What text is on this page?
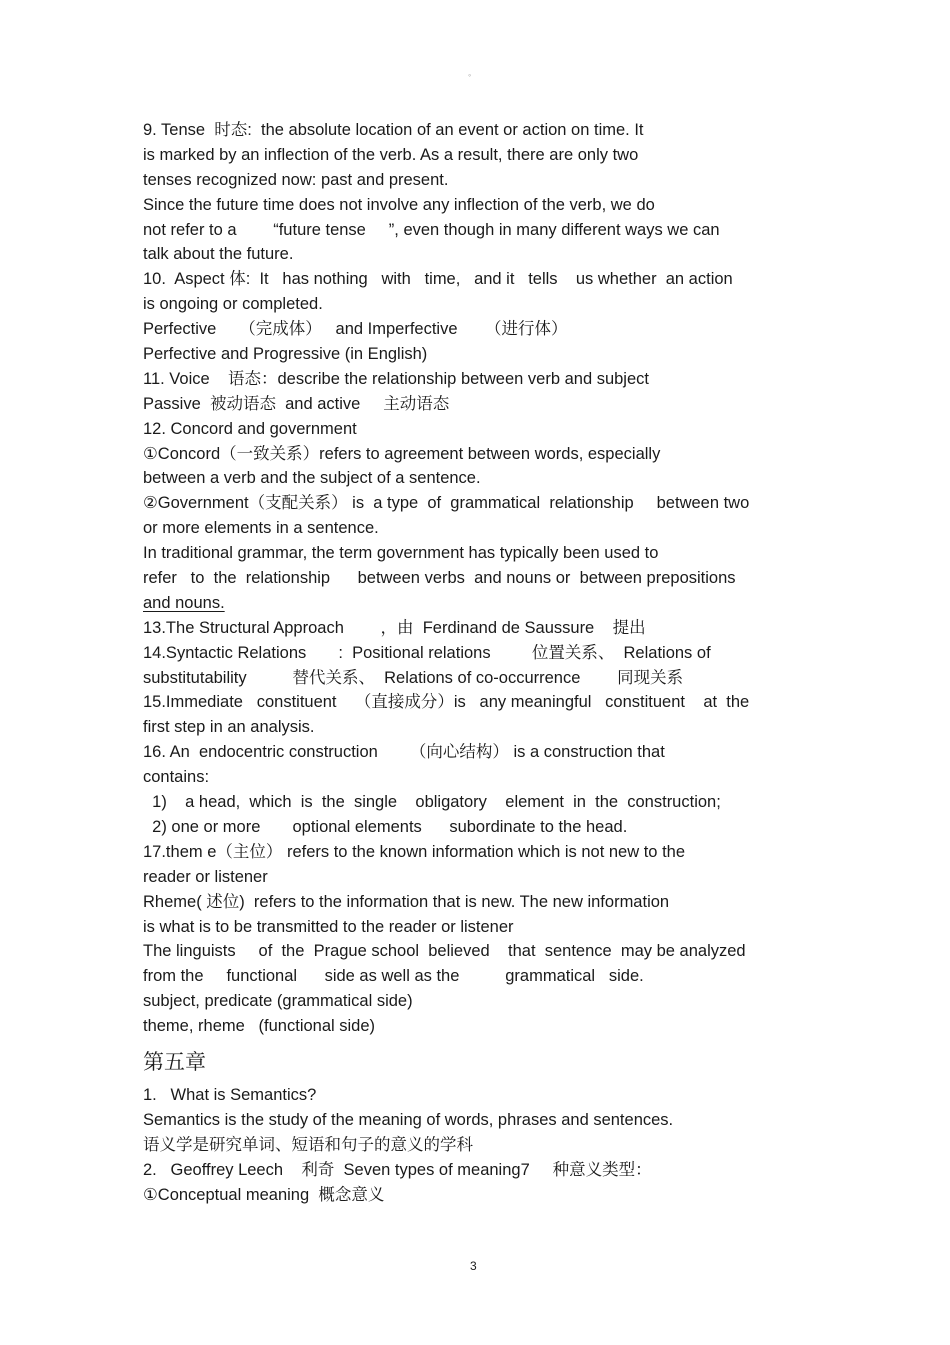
◦
9. Tense  时态:  the absolute location of an event or action on time. It
is marked by an inflection of the verb. As a result, there are only two
tenses recognized now: past and present.
Since the future time does not involve any inflection of the verb, we do
not refer to a        “future tense     ”, even though in many different ways we can
talk about the future.
10.  Aspect 体:  It   has nothing   with   time,   and it   tells    us whether  an action
is ongoing or completed.
Perfective     （完成体）   and Imperfective      （进行体）
Perfective and Progressive (in English)
11. Voice    语态：describe the relationship between verb and subject
Passive  被动语态  and active     主动语态
12. Concord and government
①Concord（一致关系）refers to agreement between words, especially
between a verb and the subject of a sentence.
②Government（支配关系） is  a type  of  grammatical  relationship     between two
or more elements in a sentence.
In traditional grammar, the term government has typically been used to
refer   to  the  relationship      between verbs  and nouns or  between prepositions
and nouns.
13.The Structural Approach        ，由  Ferdinand de Saussure    提出
14.Syntactic Relations       :  Positional relations         位置关系、  Relations of
substitutability          替代关系、  Relations of co-occurrence        同现关系
15.Immediate   constituent    （直接成分）is   any meaningful   constituent    at  the
first step in an analysis.
16. An  endocentric construction       （向心结构） is a construction that
contains:
1)    a head,  which  is  the  single    obligatory    element  in  the  construction;
2) one or more       optional elements      subordinate to the head.
17.them e（主位） refers to the known information which is not new to the
reader or listener
Rheme( 述位)  refers to the information that is new. The new information
is what is to be transmitted to the reader or listener
The linguists     of  the  Prague school  believed    that  sentence  may be analyzed
from the     functional      side as well as the          grammatical   side.
subject, predicate (grammatical side)
theme, rheme   (functional side)
第五章
1.   What is Semantics?
Semantics is the study of the meaning of words, phrases and sentences.
语义学是研究单词、短语和句子的意义的学科
2.   Geoffrey Leech    利奇  Seven types of meaning7     种意义类型：
①Conceptual meaning  概念意义
3
